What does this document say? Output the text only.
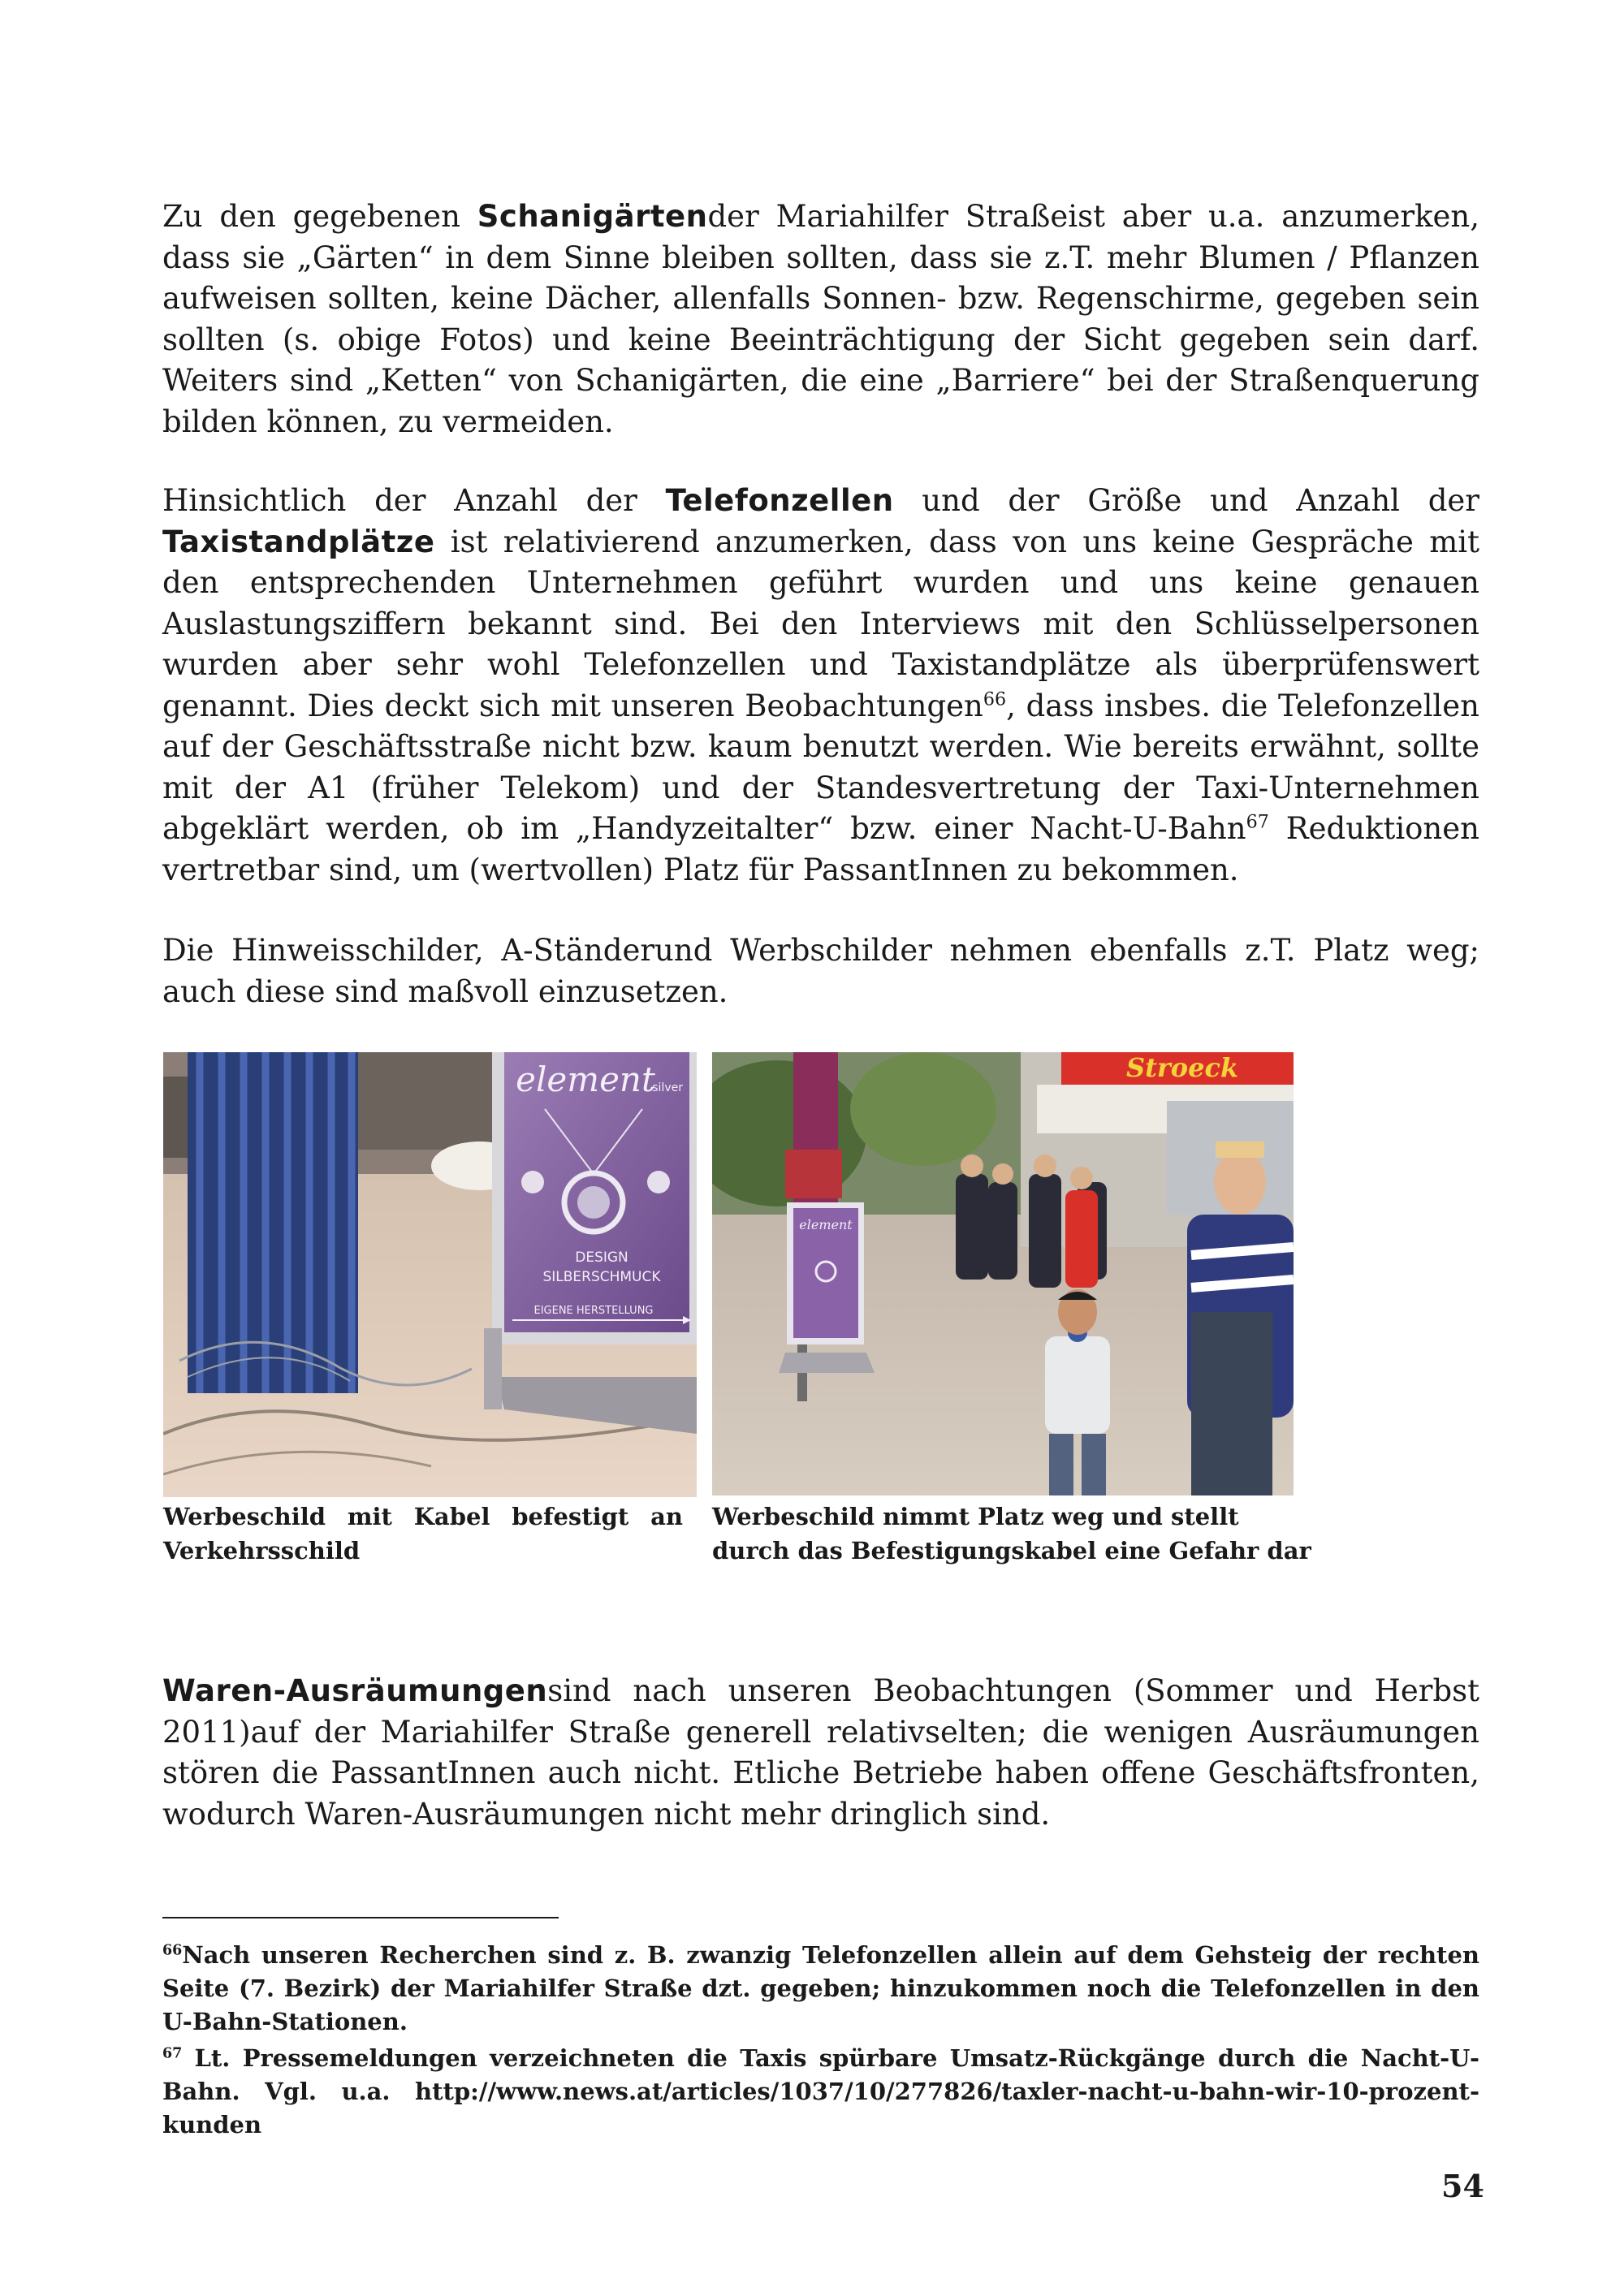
Zu den gegebenen Schanigärtender Mariahilfer Straßeist aber u.a. anzumerken, dass sie „Gärten“ in dem Sinne bleiben sollten, dass sie z.T. mehr Blumen / Pflanzen aufweisen sollten, keine Dächer, allenfalls Sonnen- bzw. Regenschirme, gegeben sein sollten (s. obige Fotos) und keine Beeinträchtigung der Sicht gegeben sein darf. Weiters sind „Ketten“ von Schanigärten, die eine „Barriere“ bei der Straßenquerung bilden können, zu vermeiden.

Hinsichtlich der Anzahl der Telefonzellen und der Größe und Anzahl der Taxistandplätze ist relativierend anzumerken, dass von uns keine Gespräche mit den entsprechenden Unternehmen geführt wurden und uns keine genauen Auslastungsziffern bekannt sind. Bei den Interviews mit den Schlüsselpersonen wurden aber sehr wohl Telefonzellen und Taxistandplätze als überprüfenswert genannt. Dies deckt sich mit unseren Beobachtungen$^{66}$, dass insbes. die Telefonzellen auf der Geschäftsstraße nicht bzw. kaum benutzt werden. Wie bereits erwähnt, sollte mit der A1 (früher Telekom) und der Standesvertretung der Taxi-Unternehmen abgeklärt werden, ob im „Handyzeitalter“ bzw. einer Nacht-U-Bahn$^{67}$ Reduktionen vertretbar sind, um (wertvollen) Platz für PassantInnen zu bekommen.

Die Hinweisschilder, A-Ständerund Werbschilder nehmen ebenfalls z.T. Platz weg; auch diese sind maßvoll einzusetzen.

element
silver
DESIGN
SILBERSCHMUCK
EIGENE HERSTELLUNG
Stroeck
element

Werbeschild mit Kabel befestigt an Verkehrsschild

Werbeschild nimmt Platz weg und stellt durch das Befestigungskabel eine Gefahr dar

Waren-Ausräumungensind nach unseren Beobachtungen (Sommer und Herbst 2011)auf der Mariahilfer Straße generell relativselten; die wenigen Ausräumungen stören die PassantInnen auch nicht. Etliche Betriebe haben offene Geschäftsfronten, wodurch Waren-Ausräumungen nicht mehr dringlich sind.

$^{66}$Nach unseren Recherchen sind z. B. zwanzig Telefonzellen allein auf dem Gehsteig der rechten Seite (7. Bezirk) der Mariahilfer Straße dzt. gegeben; hinzukommen noch die Telefonzellen in den U-Bahn-Stationen.

$^{67}$ Lt. Pressemeldungen verzeichneten die Taxis spürbare Umsatz-Rückgänge durch die Nacht-U-Bahn. Vgl. u.a. http://www.news.at/articles/1037/10/277826/taxler-nacht-u-bahn-wir-10-prozent-kunden

54
